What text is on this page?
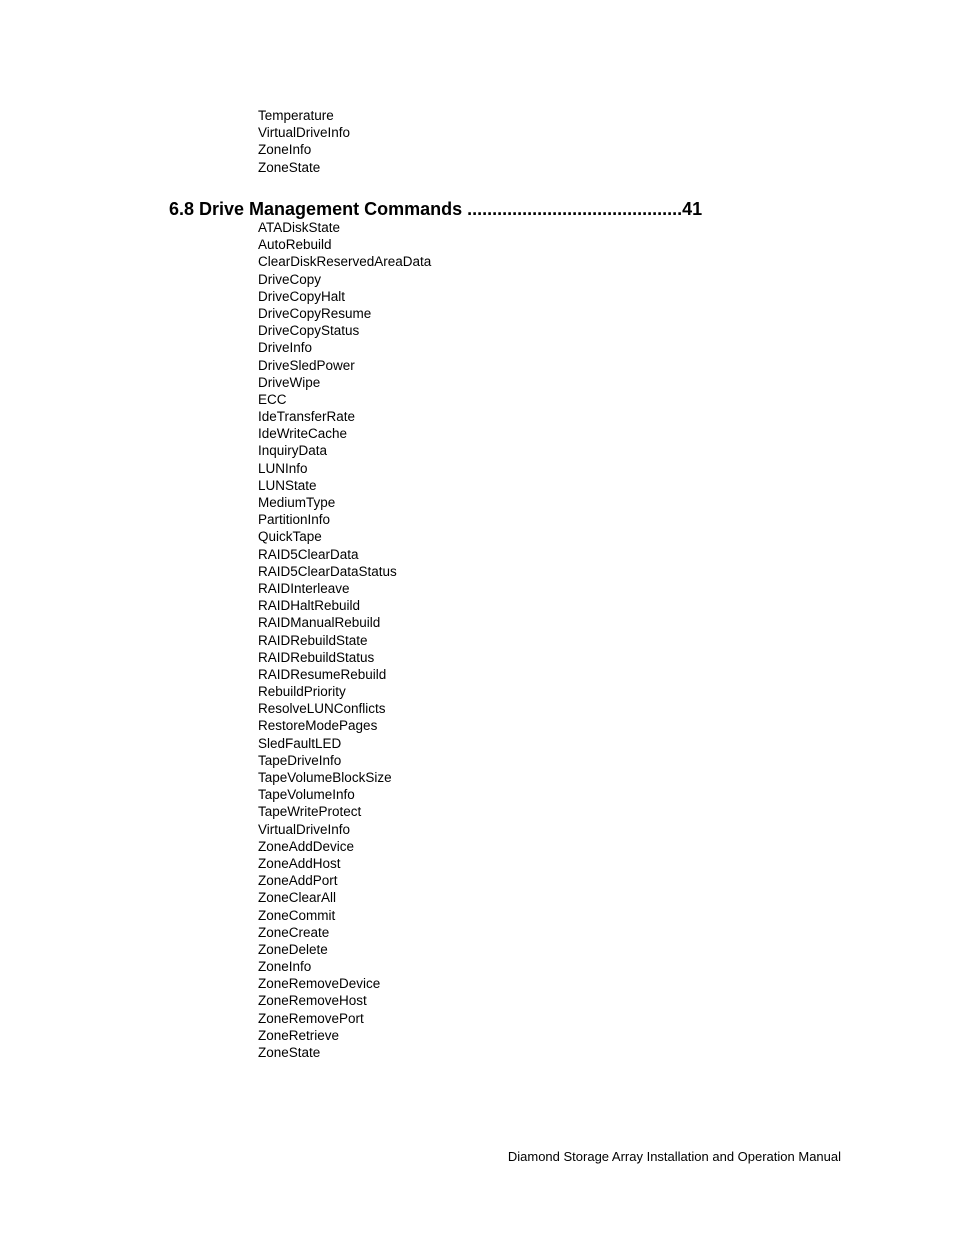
Temperature
VirtualDriveInfo
ZoneInfo
ZoneState
6.8 Drive Management Commands ...........................................41
ATADiskState
AutoRebuild
ClearDiskReservedAreaData
DriveCopy
DriveCopyHalt
DriveCopyResume
DriveCopyStatus
DriveInfo
DriveSledPower
DriveWipe
ECC
IdeTransferRate
IdeWriteCache
InquiryData
LUNInfo
LUNState
MediumType
PartitionInfo
QuickTape
RAID5ClearData
RAID5ClearDataStatus
RAIDInterleave
RAIDHaltRebuild
RAIDManualRebuild
RAIDRebuildState
RAIDRebuildStatus
RAIDResumeRebuild
RebuildPriority
ResolveLUNConflicts
RestoreModePages
SledFaultLED
TapeDriveInfo
TapeVolumeBlockSize
TapeVolumeInfo
TapeWriteProtect
VirtualDriveInfo
ZoneAddDevice
ZoneAddHost
ZoneAddPort
ZoneClearAll
ZoneCommit
ZoneCreate
ZoneDelete
ZoneInfo
ZoneRemoveDevice
ZoneRemoveHost
ZoneRemovePort
ZoneRetrieve
ZoneState
Diamond Storage Array Installation and Operation Manual
